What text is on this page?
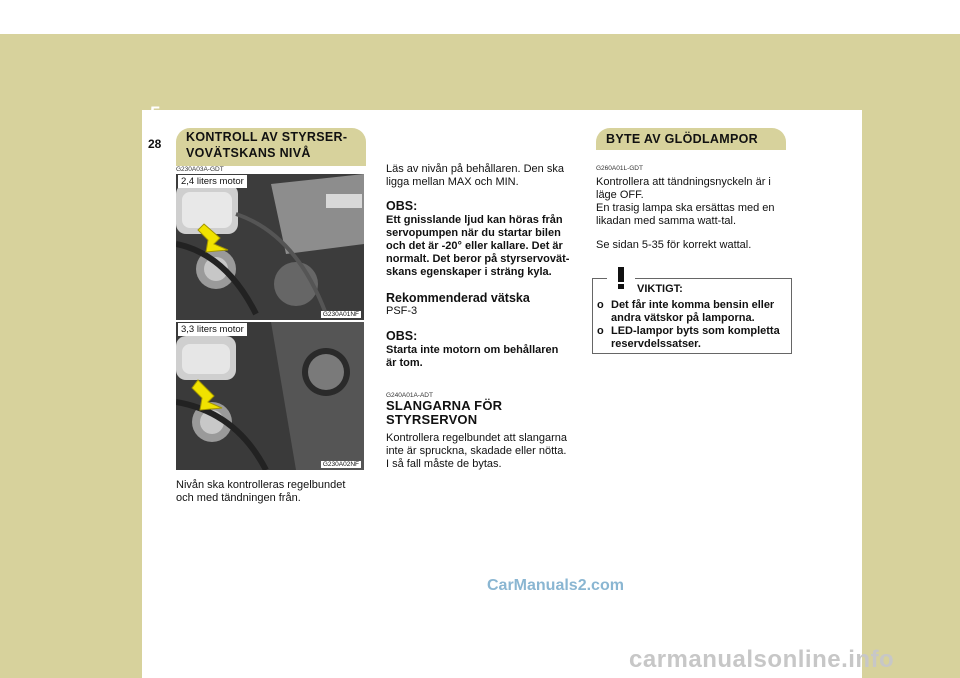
5 UNDERHÅLL - GÖR-DET-SJÄLV
28	KONTROLL AV STYRSER-
VOVÄTSKANS NIVÅ
G230A03A-GDT
2,4 liters motor
G230A01NF
3,3 liters motor
G230A02NF
Nivån ska kontrolleras regelbundet
och med tändningen från.
Läs av nivån på behållaren. Den ska
ligga mellan MAX och MIN.
OBS:
Ett gnisslande ljud kan höras från
servopumpen när du startar bilen
och det är -20° eller kallare. Det är
normalt. Det beror på styrservovät-
skans egenskaper i sträng kyla.
Rekommenderad vätska
PSF-3
OBS:
Starta inte motorn om behållaren
är tom.
G240A01A-ADT
SLANGARNA FÖR
STYRSERVON
Kontrollera regelbundet att slangarna
inte är spruckna, skadade eller nötta.
I så fall måste de bytas.
BYTE AV GLÖDLAMPOR
G260A01L-GDT
Kontrollera att tändningsnyckeln är i
läge OFF.
En trasig lampa ska ersättas med en
likadan med samma watt-tal.
Se sidan 5-35 för korrekt wattal.
VIKTIGT:
o Det får inte komma bensin eller
andra vätskor på lamporna.
o LED-lampor byts som kompletta
reservdelssatser.
CarManuals2.com
carmanualsonline.info
